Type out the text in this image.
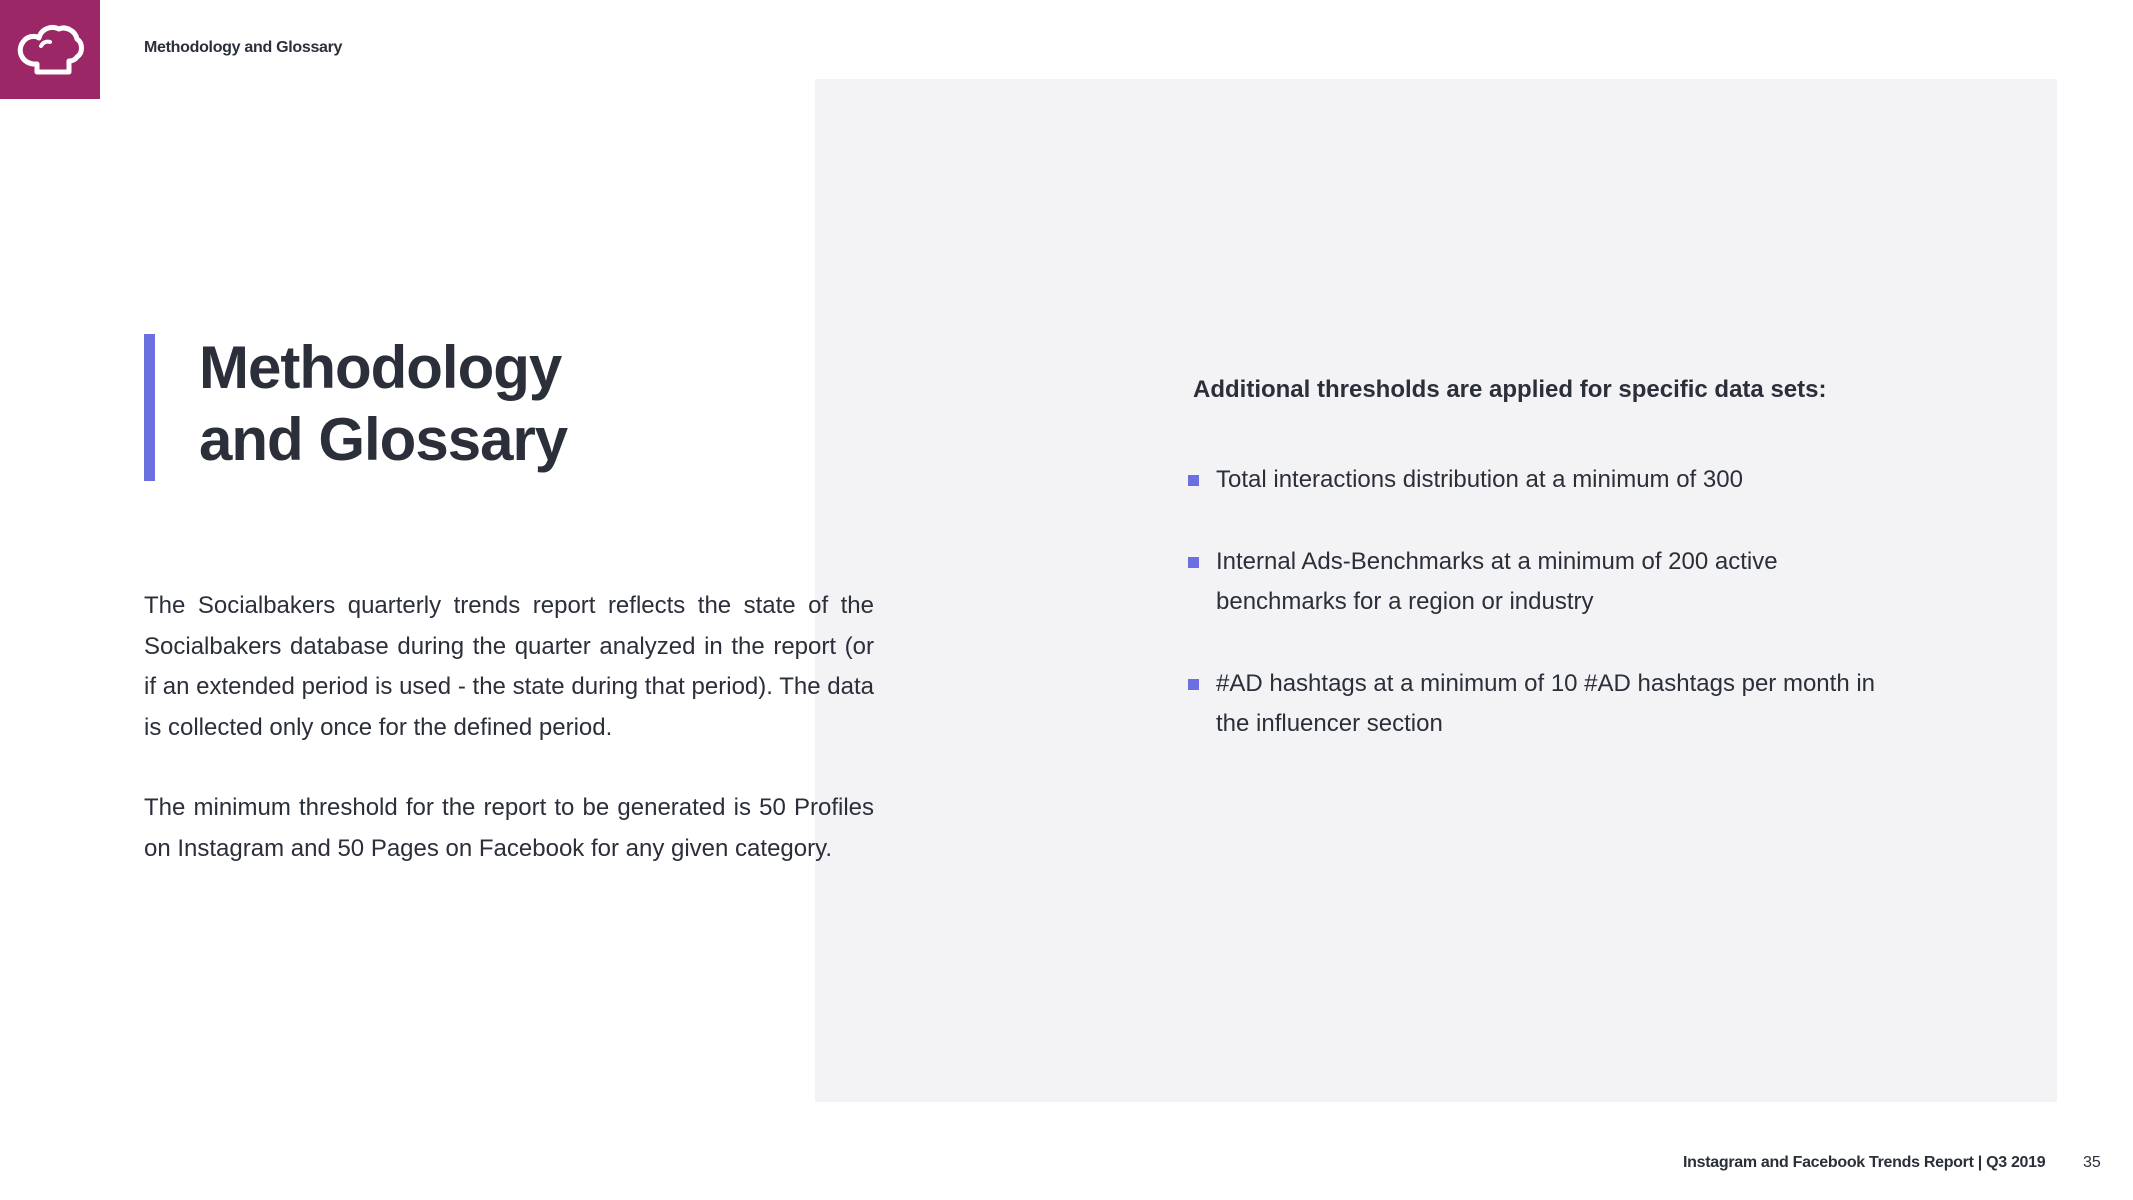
Methodology and Glossary
Methodology
and Glossary

The Socialbakers quarterly trends report reflects the state of the Socialbakers database during the quarter analyzed in the report (or if an extended period is used - the state during that period). The data is collected only once for the defined period.

The minimum threshold for the report to be generated is 50 Profiles on Instagram and 50 Pages on Facebook for any given category.

Additional thresholds are applied for specific data sets:
Total interactions distribution at a minimum of 300
Internal Ads-Benchmarks at a minimum of 200 active benchmarks for a region or industry
#AD hashtags at a minimum of 10 #AD hashtags per month in the influencer section
Instagram and Facebook Trends Report | Q3 2019 35
